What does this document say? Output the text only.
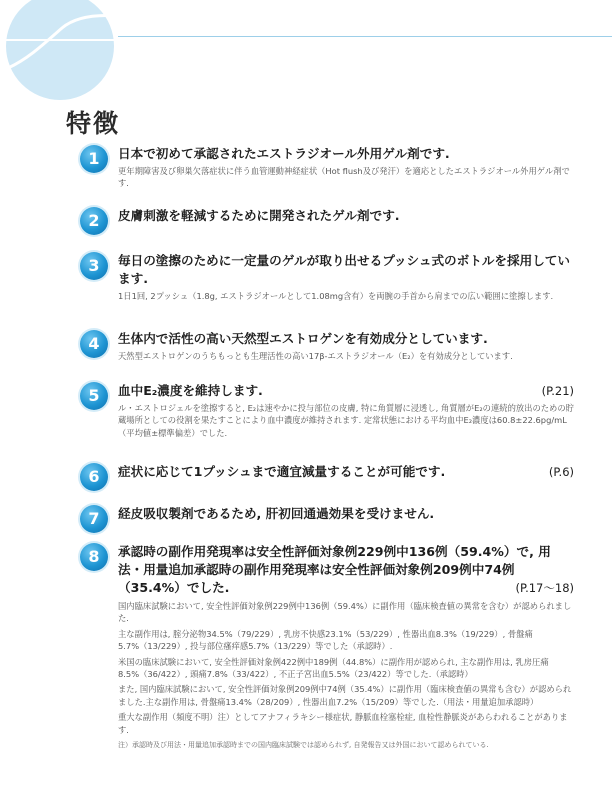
特徴
1	日本で初めて承認されたエストラジオール外用ゲル剤です.
更年期障害及び卵巣欠落症状に伴う血管運動神経症状（Hot flush及び発汗）を適応としたエストラジオール外用ゲル剤です.
2	皮膚刺激を軽減するために開発されたゲル剤です.
3	毎日の塗擦のために一定量のゲルが取り出せるプッシュ式のボトルを採用しています.
1日1回, 2プッシュ（1.8g, エストラジオールとして1.08mg含有）を両腕の手首から肩までの広い範囲に塗擦します.
4	生体内で活性の高い天然型エストロゲンを有効成分としています.
天然型エストロゲンのうちもっとも生理活性の高い17β-エストラジオール（E₂）を有効成分としています.
5	血中E₂濃度を維持します.	(P.21)
ル・エストロジェルを塗擦すると, E₂は速やかに投与部位の皮膚, 特に角質層に浸透し, 角質層がE₂の連続的放出のための貯蔵場所としての役割を果たすことにより血中濃度が維持されます. 定常状態における平均血中E₂濃度は60.8±22.6pg/mL（平均値±標準偏差）でした.
6	症状に応じて1プッシュまで適宜減量することが可能です.	(P.6)
7	経皮吸収製剤であるため, 肝初回通過効果を受けません.
8	承認時の副作用発現率は安全性評価対象例229例中136例（59.4%）で, 用法・用量追加承認時の副作用発現率は安全性評価対象例209例中74例（35.4%）でした.	(P.17〜18)
国内臨床試験において, 安全性評価対象例229例中136例（59.4%）に副作用（臨床検査値の異常を含む）が認められました.
主な副作用は, 腟分泌物34.5%（79/229）, 乳房不快感23.1%（53/229）, 性器出血8.3%（19/229）, 骨盤痛5.7%（13/229）, 投与部位瘙痒感5.7%（13/229）等でした（承認時）.
米国の臨床試験において, 安全性評価対象例422例中189例（44.8%）に副作用が認められ, 主な副作用は, 乳房圧痛8.5%（36/422）, 頭痛7.8%（33/422）, 不正子宮出血5.5%（23/422）等でした.（承認時）
また, 国内臨床試験において, 安全性評価対象例209例中74例（35.4%）に副作用（臨床検査値の異常も含む）が認められました.主な副作用は, 骨盤痛13.4%（28/209）, 性器出血7.2%（15/209）等でした.（用法・用量追加承認時）
重大な副作用（頻度不明）注）としてアナフィラキシー様症状, 静脈血栓塞栓症, 血栓性静脈炎があらわれることがあります.
注）承認時及び用法・用量追加承認時までの国内臨床試験では認められず, 自発報告又は外国において認められている.
